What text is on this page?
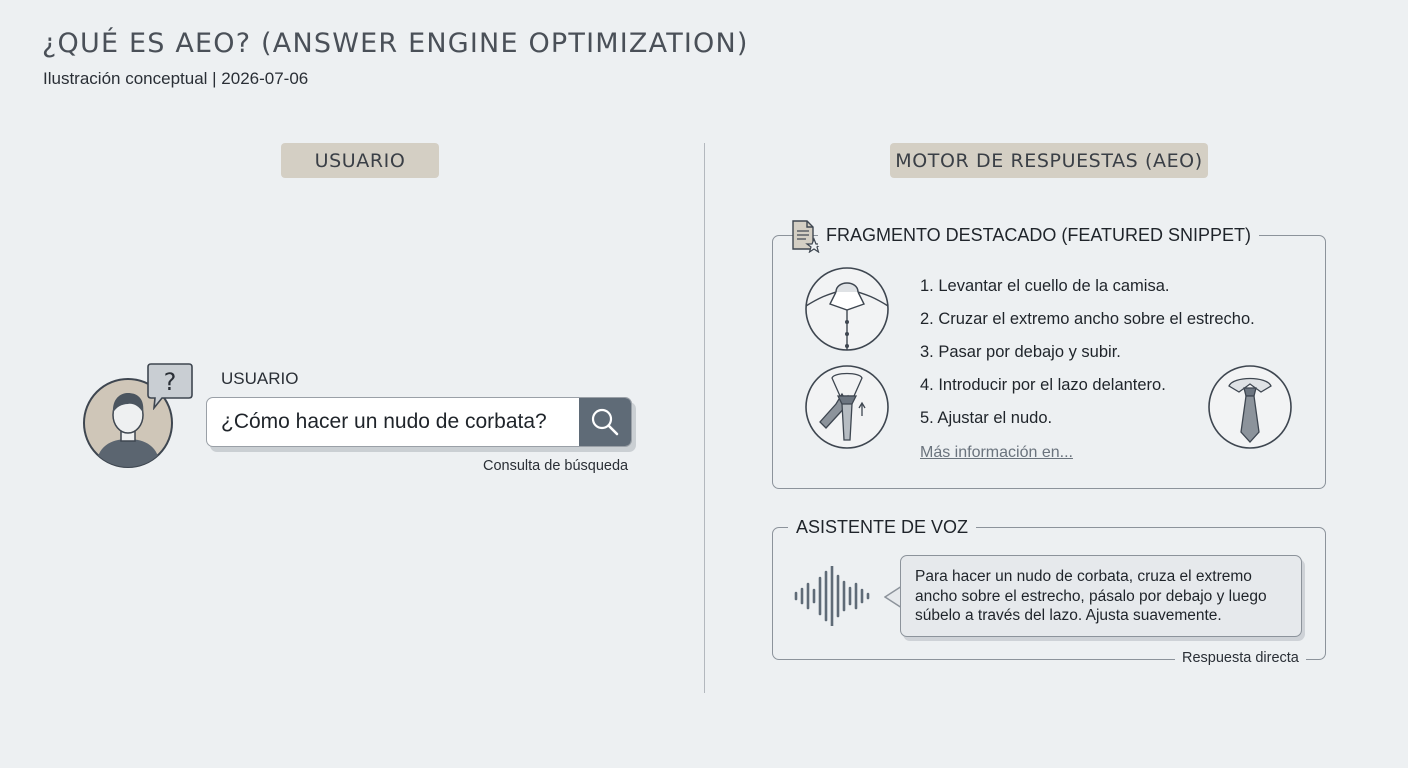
¿QUÉ ES AEO? (ANSWER ENGINE OPTIMIZATION)
Ilustración conceptual | 2026-07-06
USUARIO	MOTOR DE RESPUESTAS (AEO)
?	USUARIO
¿Cómo hacer un nudo de corbata?
Consulta de búsqueda
FRAGMENTO DESTACADO (FEATURED SNIPPET)
1. Levantar el cuello de la camisa.
2. Cruzar el extremo ancho sobre el estrecho.
3. Pasar por debajo y subir.
4. Introducir por el lazo delantero.
5. Ajustar el nudo.
Más información en...
ASISTENTE DE VOZ
Para hacer un nudo de corbata, cruza el extremo ancho sobre el estrecho, pásalo por debajo y luego súbelo a través del lazo. Ajusta suavemente.
Respuesta directa
